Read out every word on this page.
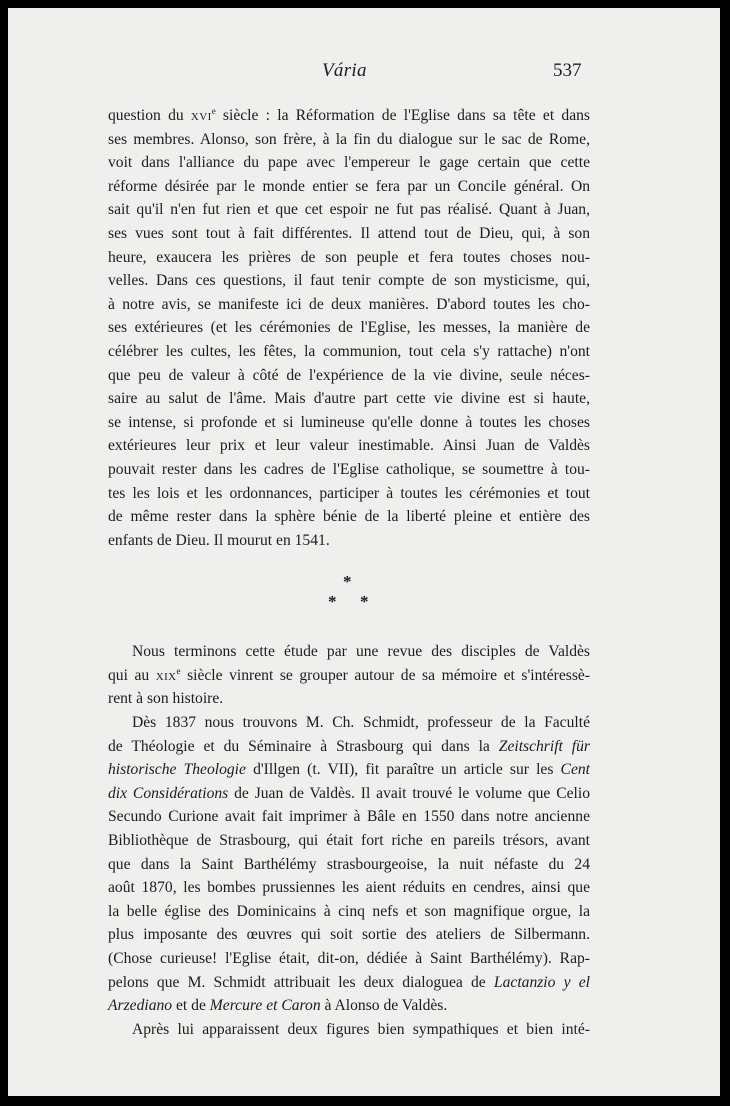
Vária	537
question du xvi$^e$ siècle : la Réformation de l'Eglise dans sa tête et dans
ses membres. Alonso, son frère, à la fin du dialogue sur le sac de Rome,
voit dans l'alliance du pape avec l'empereur le gage certain que cette
réforme désirée par le monde entier se fera par un Concile général. On
sait qu'il n'en fut rien et que cet espoir ne fut pas réalisé. Quant à Juan,
ses vues sont tout à fait différentes. Il attend tout de Dieu, qui, à son
heure, exaucera les prières de son peuple et fera toutes choses nou-
velles. Dans ces questions, il faut tenir compte de son mysticisme, qui,
à notre avis, se manifeste ici de deux manières. D'abord toutes les cho-
ses extérieures (et les cérémonies de l'Eglise, les messes, la manière de
célébrer les cultes, les fêtes, la communion, tout cela s'y rattache) n'ont
que peu de valeur à côté de l'expérience de la vie divine, seule néces-
saire au salut de l'âme. Mais d'autre part cette vie divine est si haute,
se intense, si profonde et si lumineuse qu'elle donne à toutes les choses
extérieures leur prix et leur valeur inestimable. Ainsi Juan de Valdès
pouvait rester dans les cadres de l'Eglise catholique, se soumettre à tou-
tes les lois et les ordonnances, participer à toutes les cérémonies et tout
de même rester dans la sphère bénie de la liberté pleine et entière des
enfants de Dieu. Il mourut en 1541.
*
* *
Nous terminons cette étude par une revue des disciples de Valdès
qui au xix$^e$ siècle vinrent se grouper autour de sa mémoire et s'intéressè-
rent à son histoire.
Dès 1837 nous trouvons M. Ch. Schmidt, professeur de la Faculté
de Théologie et du Séminaire à Strasbourg qui dans la Zeitschrift für
historische Theologie d'Illgen (t. VII), fit paraître un article sur les Cent
dix Considérations de Juan de Valdès. Il avait trouvé le volume que Celio
Secundo Curione avait fait imprimer à Bâle en 1550 dans notre ancienne
Bibliothèque de Strasbourg, qui était fort riche en pareils trésors, avant
que dans la Saint Barthélémy strasbourgeoise, la nuit néfaste du 24
août 1870, les bombes prussiennes les aient réduits en cendres, ainsi que
la belle église des Dominicains à cinq nefs et son magnifique orgue, la
plus imposante des œuvres qui soit sortie des ateliers de Silbermann.
(Chose curieuse! l'Eglise était, dit-on, dédiée à Saint Barthélémy). Rap-
pelons que M. Schmidt attribuait les deux dialoguea de Lactanzio y el
Arzediano et de Mercure et Caron à Alonso de Valdès.
Après lui apparaissent deux figures bien sympathiques et bien inté-
